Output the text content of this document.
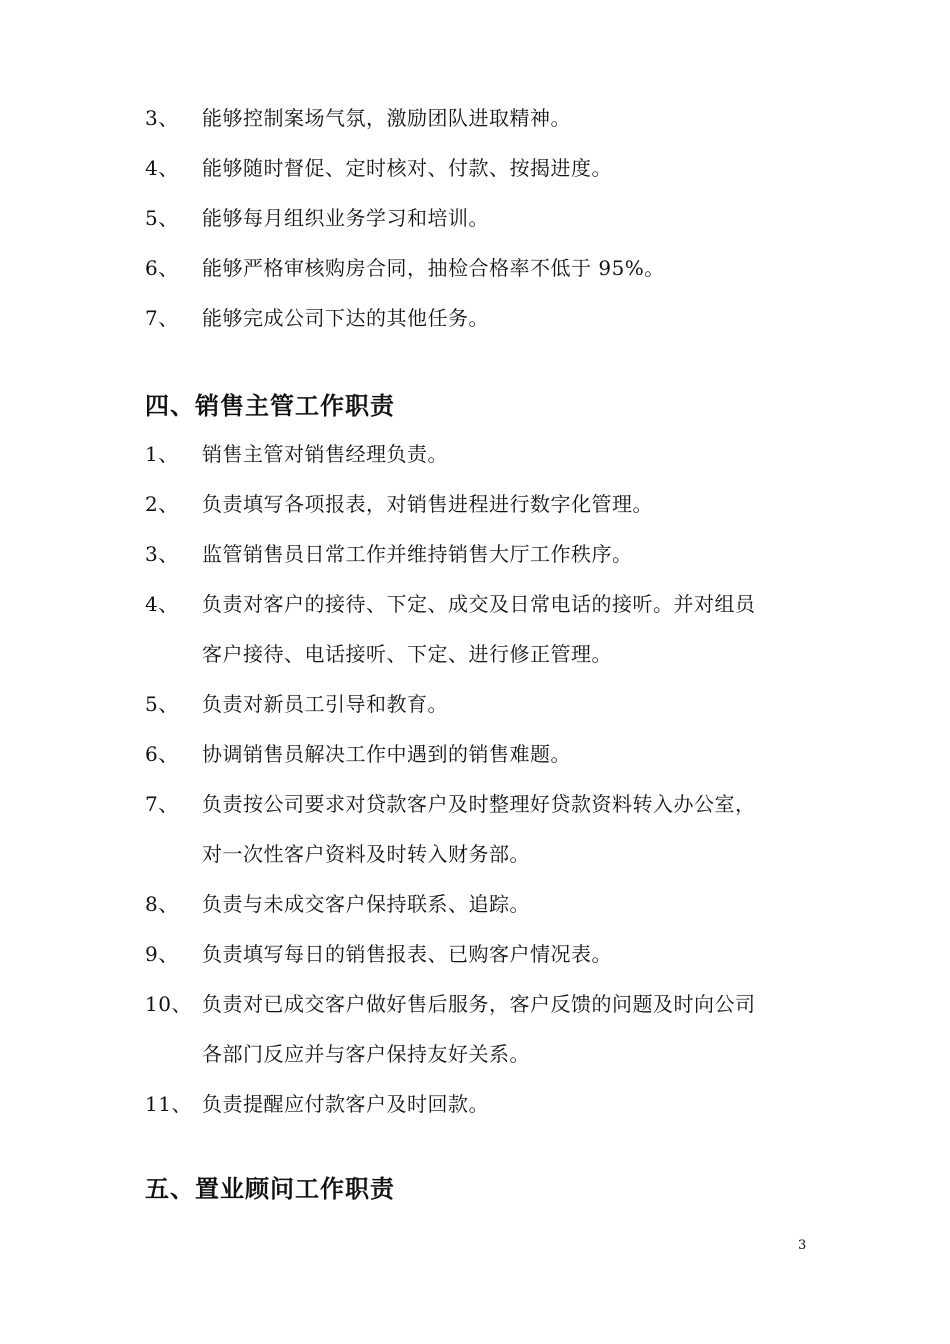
3、 能够控制案场气氛，激励团队进取精神。
4、 能够随时督促、定时核对、付款、按揭进度。
5、 能够每月组织业务学习和培训。
6、 能够严格审核购房合同，抽检合格率不低于 95%。
7、 能够完成公司下达的其他任务。
四、销售主管工作职责
1、 销售主管对销售经理负责。
2、 负责填写各项报表，对销售进程进行数字化管理。
3、 监管销售员日常工作并维持销售大厅工作秩序。
4、 负责对客户的接待、下定、成交及日常电话的接听。并对组员
客户接待、电话接听、下定、进行修正管理。
5、 负责对新员工引导和教育。
6、 协调销售员解决工作中遇到的销售难题。
7、 负责按公司要求对贷款客户及时整理好贷款资料转入办公室，
对一次性客户资料及时转入财务部。
8、 负责与未成交客户保持联系、追踪。
9、 负责填写每日的销售报表、已购客户情况表。
10、 负责对已成交客户做好售后服务，客户反馈的问题及时向公司
各部门反应并与客户保持友好关系。
11、 负责提醒应付款客户及时回款。
五、置业顾问工作职责
3
